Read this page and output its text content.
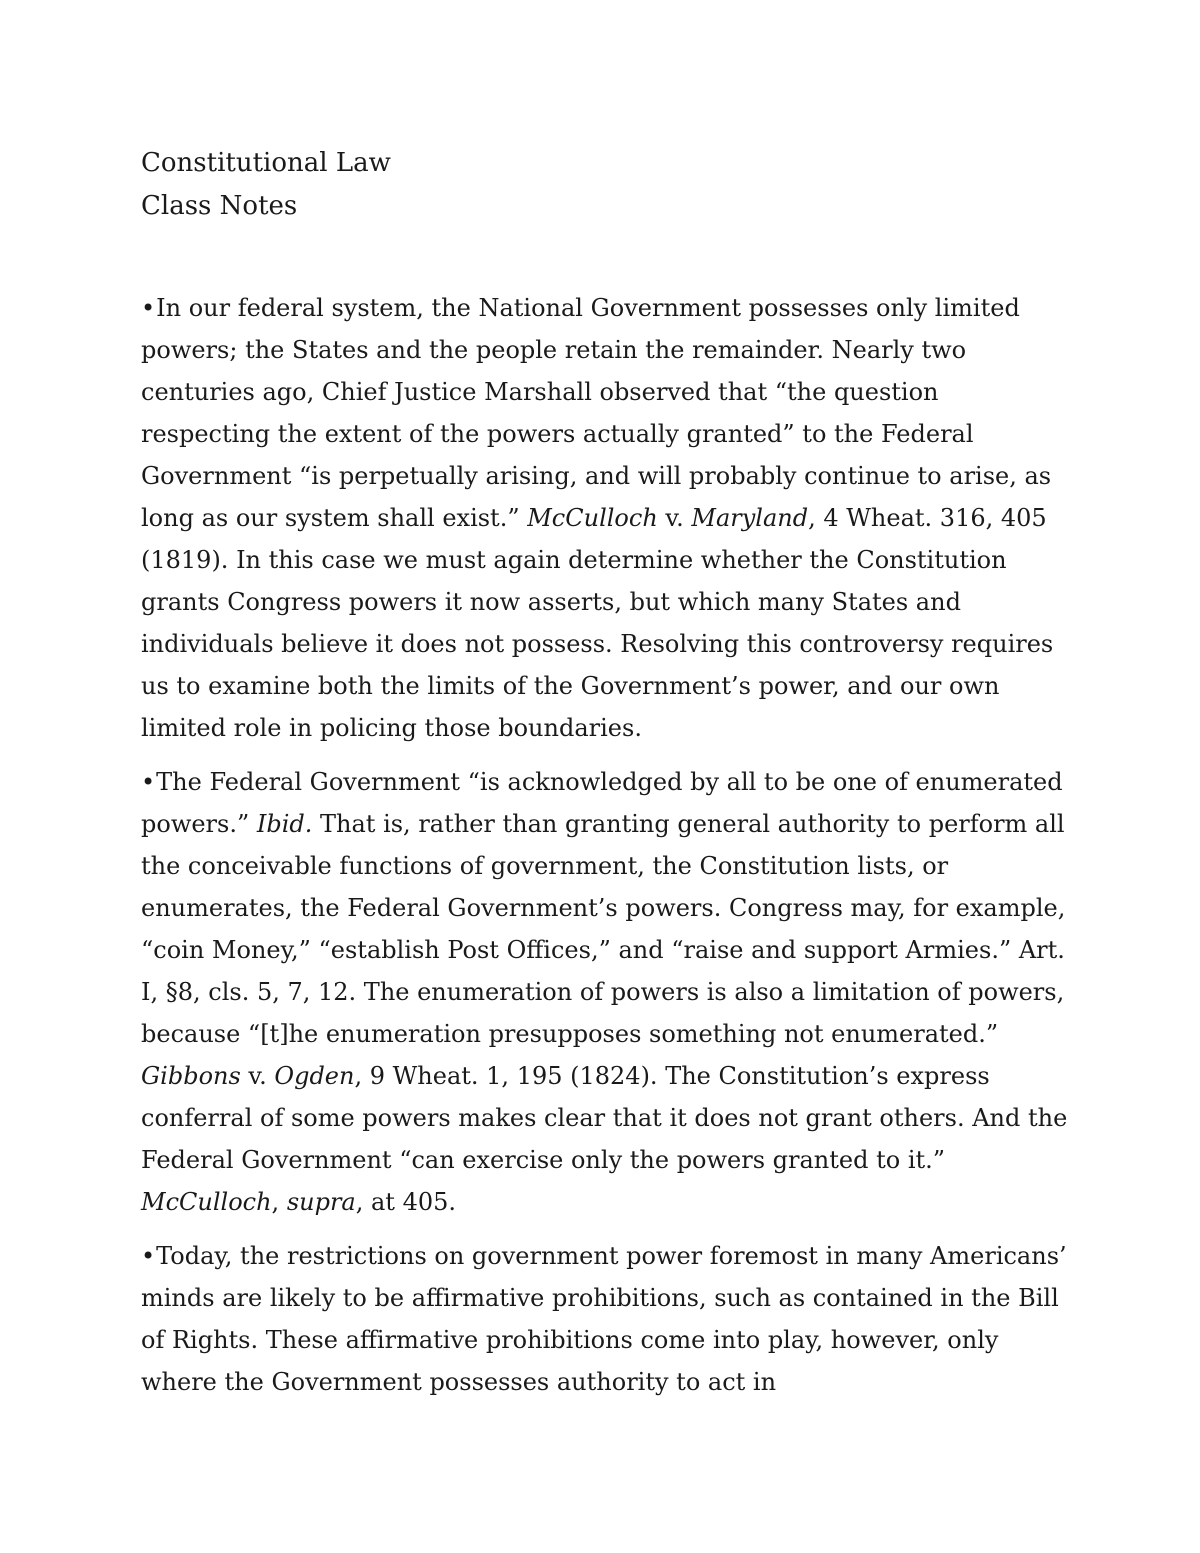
Constitutional Law
Class Notes

•In our federal system, the National Government possesses only limited powers; the States and the people retain the remainder. Nearly two centuries ago, Chief Justice Marshall observed that “the question respecting the extent of the powers actually granted” to the Federal Government “is perpetually arising, and will probably continue to arise, as long as our system shall exist.” McCulloch v. Maryland, 4 Wheat. 316, 405 (1819). In this case we must again determine whether the Constitution grants Congress powers it now asserts, but which many States and individuals believe it does not possess. Resolving this controversy requires us to examine both the limits of the Government’s power, and our own limited role in policing those boundaries.

•The Federal Government “is acknowledged by all to be one of enumerated powers.” Ibid. That is, rather than granting general authority to perform all the conceivable functions of government, the Constitution lists, or enumerates, the Federal Government’s powers. Congress may, for example, “coin Money,” “establish Post Offices,” and “raise and support Armies.” Art. I, §8, cls. 5, 7, 12. The enumeration of powers is also a limitation of powers, because “[t]he enumeration presupposes something not enumerated.” Gibbons v. Ogden, 9 Wheat. 1, 195 (1824). The Constitution’s express conferral of some powers makes clear that it does not grant others. And the Federal Government “can exercise only the powers granted to it.” McCulloch, supra, at 405.

•Today, the restrictions on government power foremost in many Americans’ minds are likely to be affirmative prohibitions, such as contained in the Bill of Rights. These affirmative prohibitions come into play, however, only where the Government possesses authority to act in
